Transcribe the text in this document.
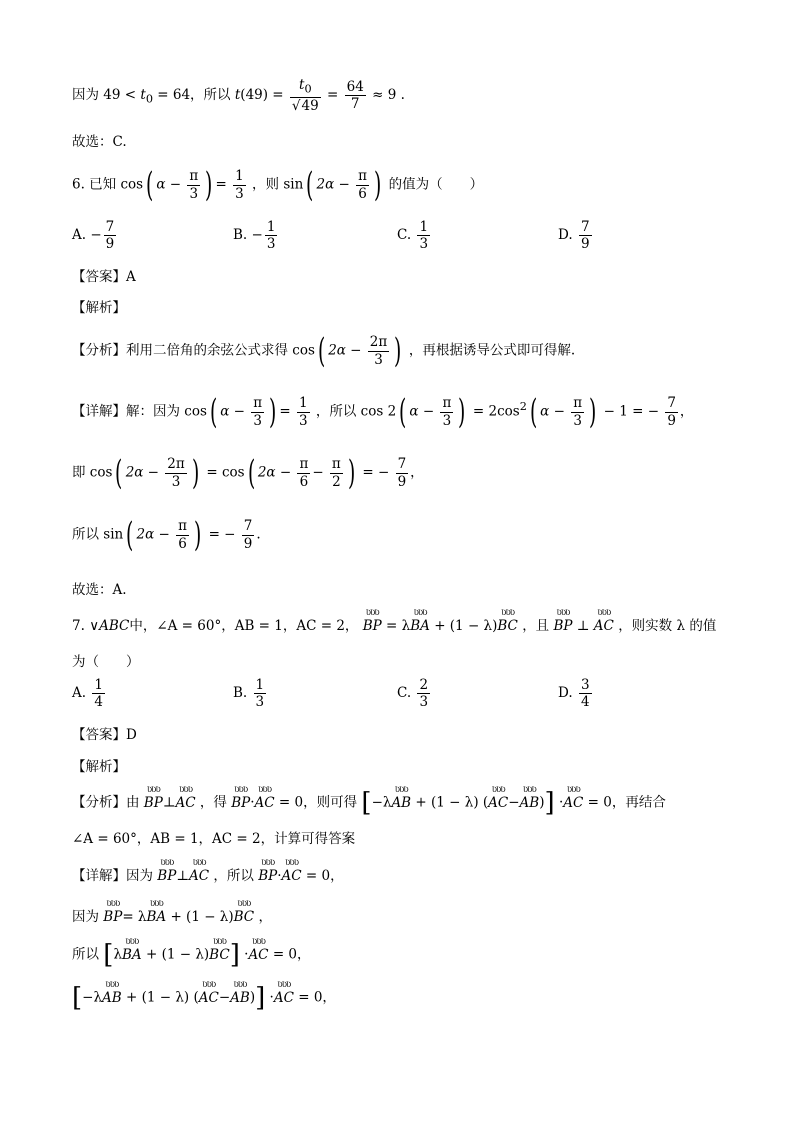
因为 $49 < t_0 = 64$，所以 $t(49) = \frac{t_0}{√49} = \frac{64}{7} \approx 9$ .
故选：C.
6. 已知 cos( $\alpha - \frac{\pi}{3}$ ) = $\frac{1}{3}$ ，则 sin( $2\alpha - \frac{\pi}{6}$ ) 的值为（　　）
A. − $\frac{7}{9}$	B. − $\frac{1}{3}$	C. $\frac{1}{3}$	D. $\frac{7}{9}$
【答案】A
【解析】
【分析】利用二倍角的余弦公式求得 cos( $2\alpha - \frac{2\pi}{3}$ ) ，再根据诱导公式即可得解.
【详解】解：因为 cos( $\alpha - \frac{\pi}{3}$ ) = $\frac{1}{3}$ ，所以 cos 2( $\alpha - \frac{\pi}{3}$ ) = $2\cos^2$( $\alpha - \frac{\pi}{3}$ ) − 1 = − $\frac{7}{9}$ ，
即 cos( $2\alpha - \frac{2\pi}{3}$ ) = cos( $2\alpha - \frac{\pi}{6} - \frac{\pi}{2}$ ) = − $\frac{7}{9}$ ，
所以 sin( $2\alpha - \frac{\pi}{6}$ ) = − $\frac{7}{9}$ .
故选：A.
7. ∨ABC中，∠A = 60°，AB = 1，AC = 2， ƲƲƲ BP = λƲƲƲ BA + (1 − λ)ƲƲƲ BC ，且 ƲƲƲ BP ⊥ ƲƲƲ AC ，则实数 λ 的值
为（　　）
A. $\frac{1}{4}$	B. $\frac{1}{3}$	C. $\frac{2}{3}$	D. $\frac{3}{4}$
【答案】D
【解析】
【分析】由 ƲƲƲ BP⊥ƲƲƲ AC ，得 ƲƲƲ BP·ƲƲƲ AC = 0，则可得 [−λƲƲƲ AB + (1 − λ) (ƲƲƲ AC−ƲƲƲ AB)] ·ƲƲƲ AC = 0，再结合
∠A = 60°，AB = 1，AC = 2，计算可得答案
【详解】因为 ƲƲƲ BP⊥ƲƲƲ AC ，所以 ƲƲƲ BP·ƲƲƲ AC = 0，
因为 ƲƲƲ BP= λƲƲƲ BA + (1 − λ)ƲƲƲ BC ，
所以 [λƲƲƲ BA + (1 − λ)ƲƲƲ BC] ·ƲƲƲ AC = 0，
[−λƲƲƲ AB + (1 − λ) (ƲƲƲ AC−ƲƲƲ AB)] ·ƲƲƲ AC = 0，
